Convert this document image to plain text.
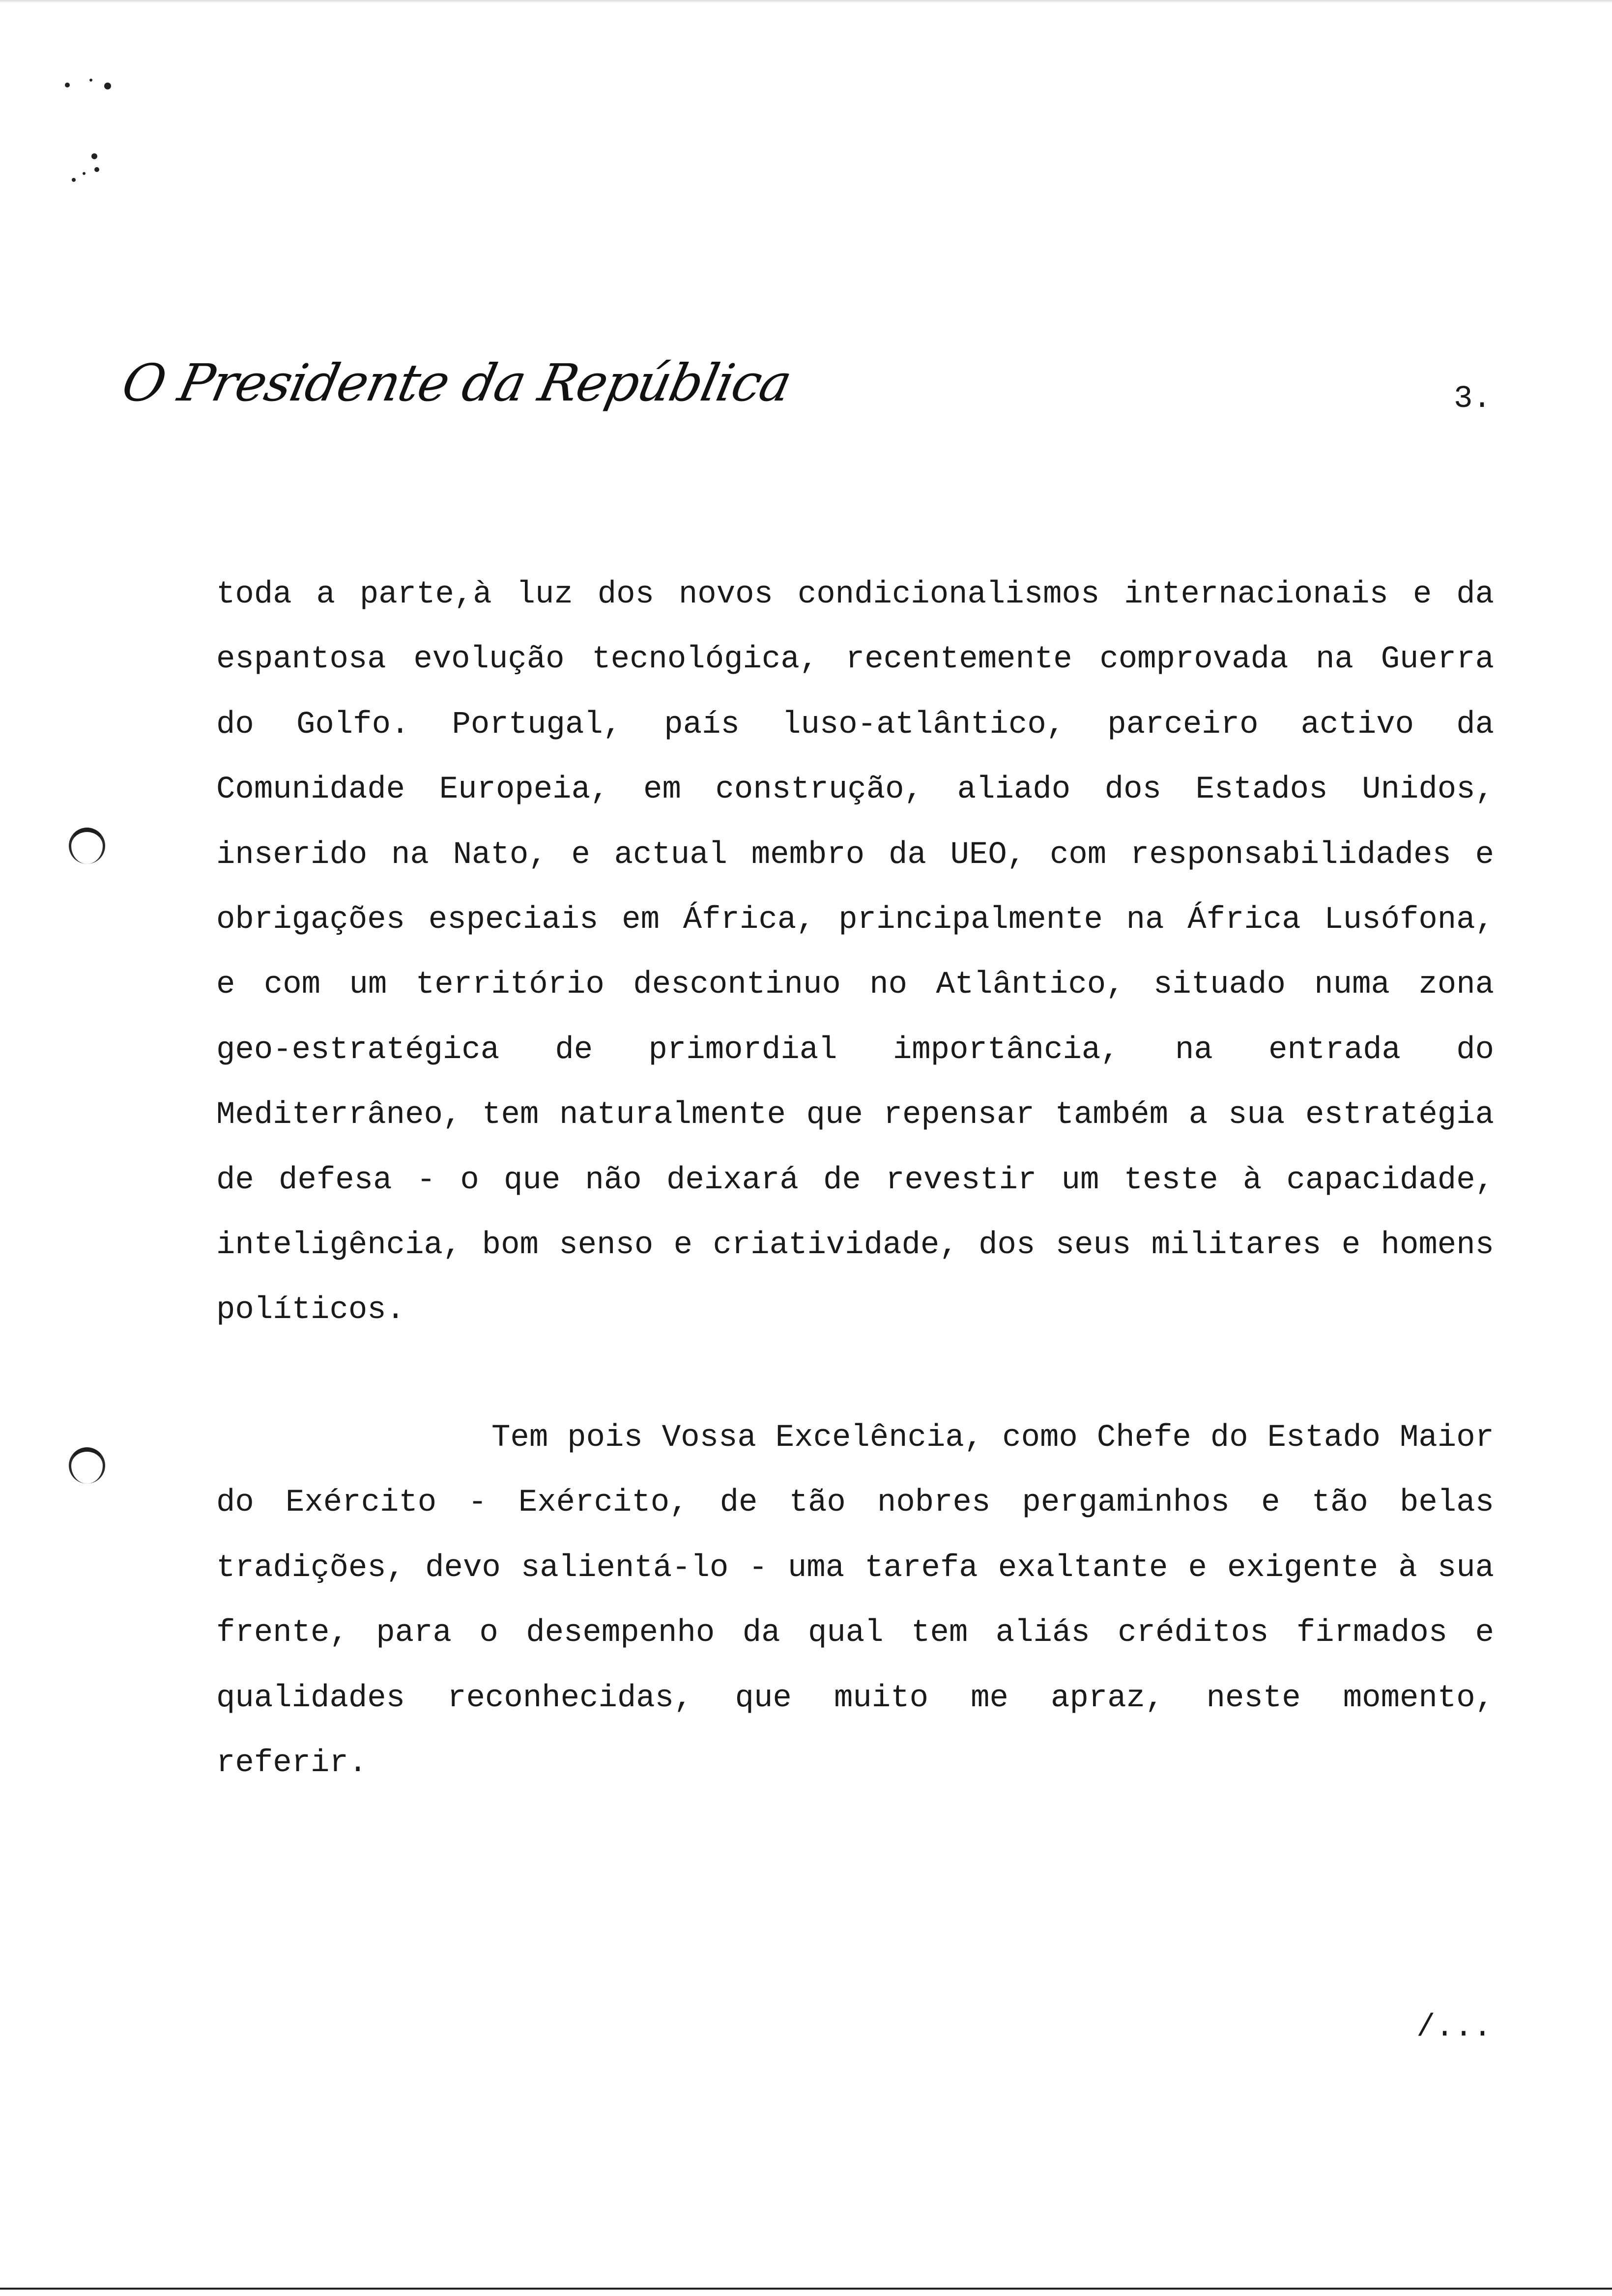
O Presidente da República	3.

toda a parte,à luz dos novos condicionalismos internacionais e da espantosa evolução tecnológica, recentemente comprovada na Guerra do Golfo. Portugal, país luso-atlântico, parceiro activo da Comunidade Europeia, em construção, aliado dos Estados Unidos, inserido na Nato, e actual membro da UEO, com responsabilidades e obrigações especiais em África, principalmente na África Lusófona, e com um território descontinuo no Atlântico, situado numa zona geo-estratégica de primordial importância, na entrada do Mediterrâneo, tem naturalmente que repensar também a sua estratégia de defesa - o que não deixará de revestir um teste à capacidade, inteligência, bom senso e criatividade, dos seus militares e homens políticos.

Tem pois Vossa Excelência, como Chefe do Estado Maior do Exército - Exército, de tão nobres pergaminhos e tão belas tradições, devo salientá-lo - uma tarefa exaltante e exigente à sua frente, para o desempenho da qual tem aliás créditos firmados e qualidades reconhecidas, que muito me apraz, neste momento, referir.

/...
